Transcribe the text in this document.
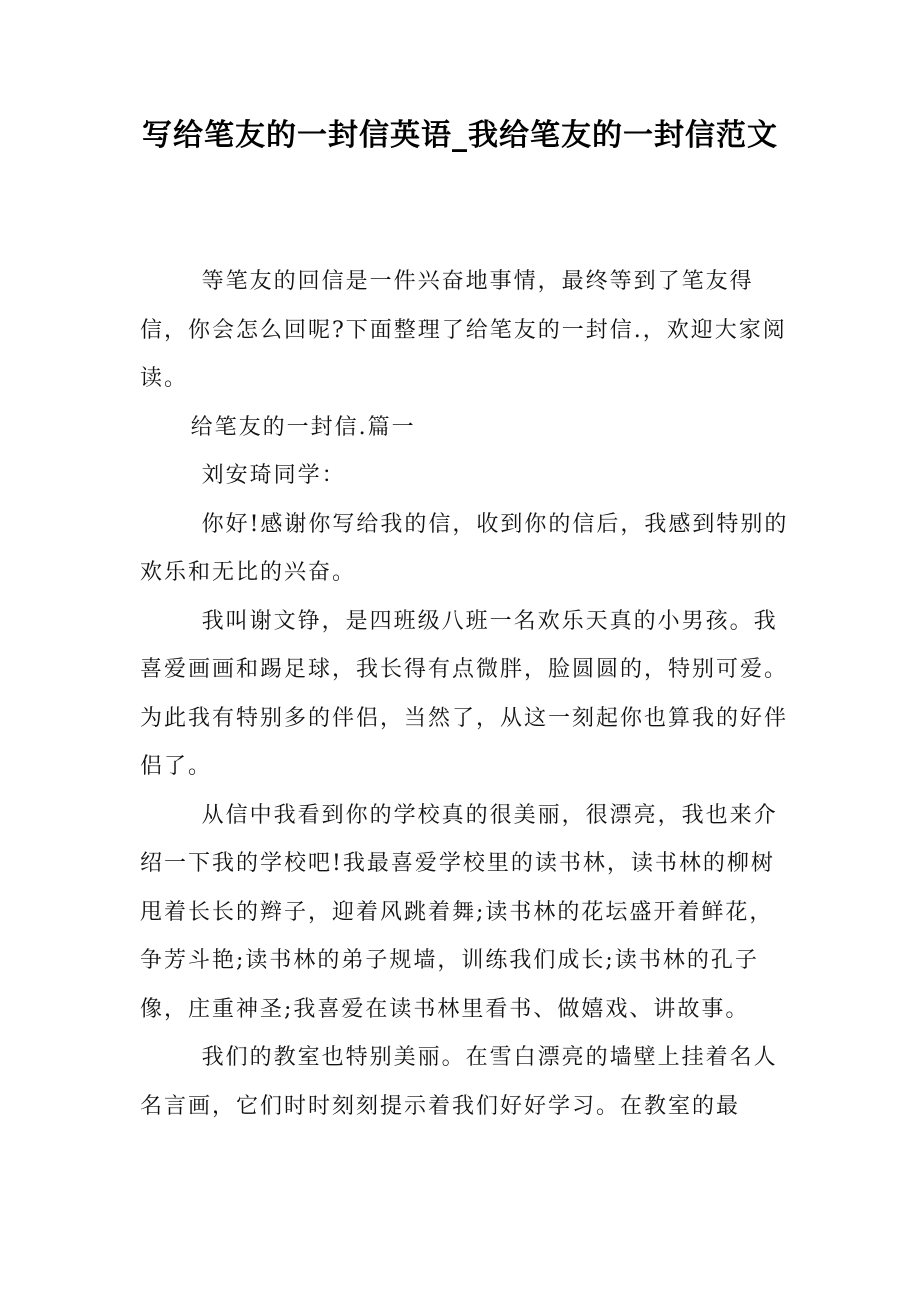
写给笔友的一封信英语_我给笔友的一封信范文

等笔友的回信是一件兴奋地事情，最终等到了笔友得信，你会怎么回呢?下面整理了给笔友的一封信.，欢迎大家阅读。

给笔友的一封信.篇一

刘安琦同学：

你好!感谢你写给我的信，收到你的信后，我感到特别的欢乐和无比的兴奋。

我叫谢文铮，是四班级八班一名欢乐天真的小男孩。我喜爱画画和踢足球，我长得有点微胖，脸圆圆的，特别可爱。为此我有特别多的伴侣，当然了，从这一刻起你也算我的好伴侣了。

从信中我看到你的学校真的很美丽，很漂亮，我也来介绍一下我的学校吧!我最喜爱学校里的读书林，读书林的柳树甩着长长的辫子，迎着风跳着舞;读书林的花坛盛开着鲜花，争芳斗艳;读书林的弟子规墙，训练我们成长;读书林的孔子像，庄重神圣;我喜爱在读书林里看书、做嬉戏、讲故事。

我们的教室也特别美丽。在雪白漂亮的墙壁上挂着名人名言画，它们时时刻刻提示着我们好好学习。在教室的最
